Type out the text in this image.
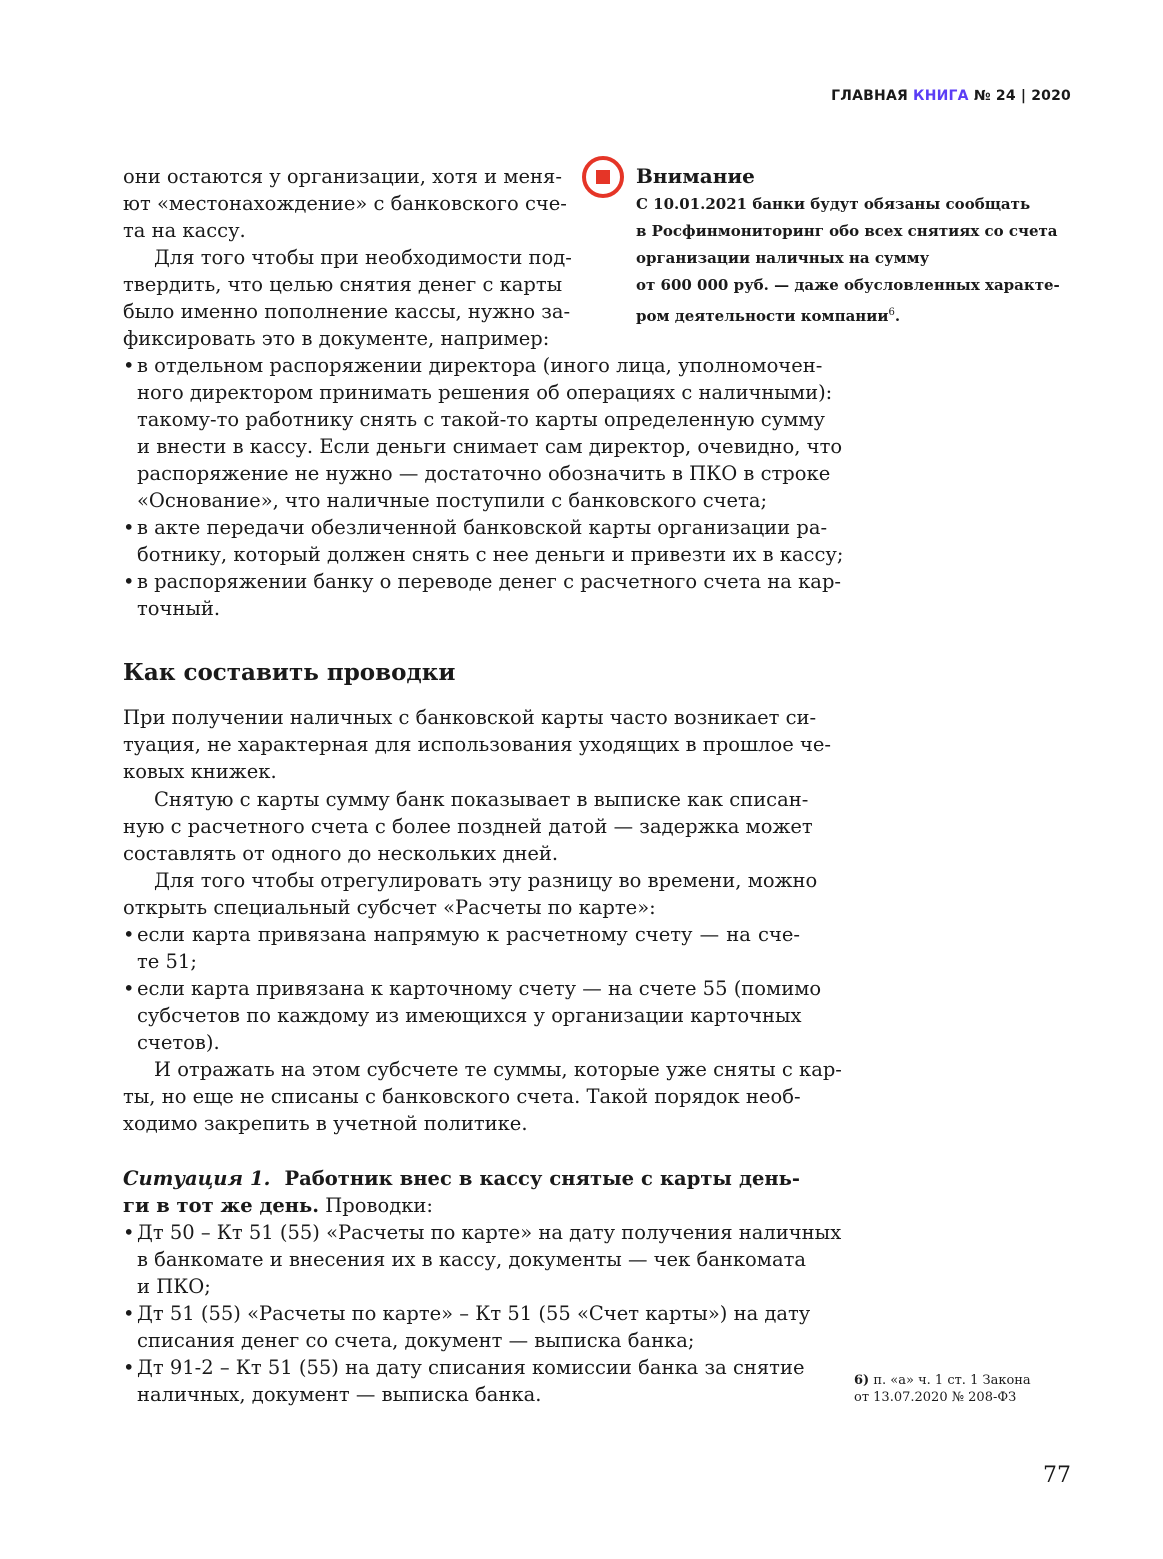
ГЛАВНАЯ КНИГА № 24 | 2020
Внимание
С 10.01.2021 банки будут обязаны сообщать
в Росфинмониторинг обо всех снятиях со счета
организации наличных на сумму
от 600 000 руб. — даже обусловленных характе-
ром деятельности компании$^6$.
они остаются у организации, хотя и меня-
ют «местонахождение» с банковского сче-
та на кассу.
Для того чтобы при необходимости под-
твердить, что целью снятия денег с карты
было именно пополнение кассы, нужно за-
фиксировать это в документе, например:
• в отдельном распоряжении директора (иного лица, уполномочен-
ного директором принимать решения об операциях с наличными):
такому-то работнику снять с такой-то карты определенную сумму
и внести в кассу. Если деньги снимает сам директор, очевидно, что
распоряжение не нужно — достаточно обозначить в ПКО в строке
«Основание», что наличные поступили с банковского счета;
• в акте передачи обезличенной банковской карты организации ра-
ботнику, который должен снять с нее деньги и привезти их в кассу;
• в распоряжении банку о переводе денег с расчетного счета на кар-
точный.
При получении наличных с банковской карты часто возникает си-
туация, не характерная для использования уходящих в прошлое че-
ковых книжек.
Снятую с карты сумму банк показывает в выписке как списан-
ную с расчетного счета с более поздней датой — задержка может
составлять от одного до нескольких дней.
Для того чтобы отрегулировать эту разницу во времени, можно
открыть специальный субсчет «Расчеты по карте»:
• если карта привязана напрямую к расчетному счету — на сче-
те 51;
• если карта привязана к карточному счету — на счете 55 (помимо
субсчетов по каждому из имеющихся у организации карточных
счетов).
И отражать на этом субсчете те суммы, которые уже сняты с кар-
ты, но еще не списаны с банковского счета. Такой порядок необ-
ходимо закрепить в учетной политике.
Ситуация 1.  Работник внес в кассу снятые с карты день-
ги в тот же день. Проводки:
• Дт 50 – Кт 51 (55) «Расчеты по карте» на дату получения наличных
в банкомате и внесения их в кассу, документы — чек банкомата
и ПКО;
• Дт 51 (55) «Расчеты по карте» – Кт 51 (55 «Счет карты») на дату
списания денег со счета, документ — выписка банка;
• Дт 91-2 – Кт 51 (55) на дату списания комиссии банка за снятие
наличных, документ — выписка банка.
Как составить проводки
6) п. «а» ч. 1 ст. 1 Закона
от 13.07.2020 № 208-ФЗ
77
